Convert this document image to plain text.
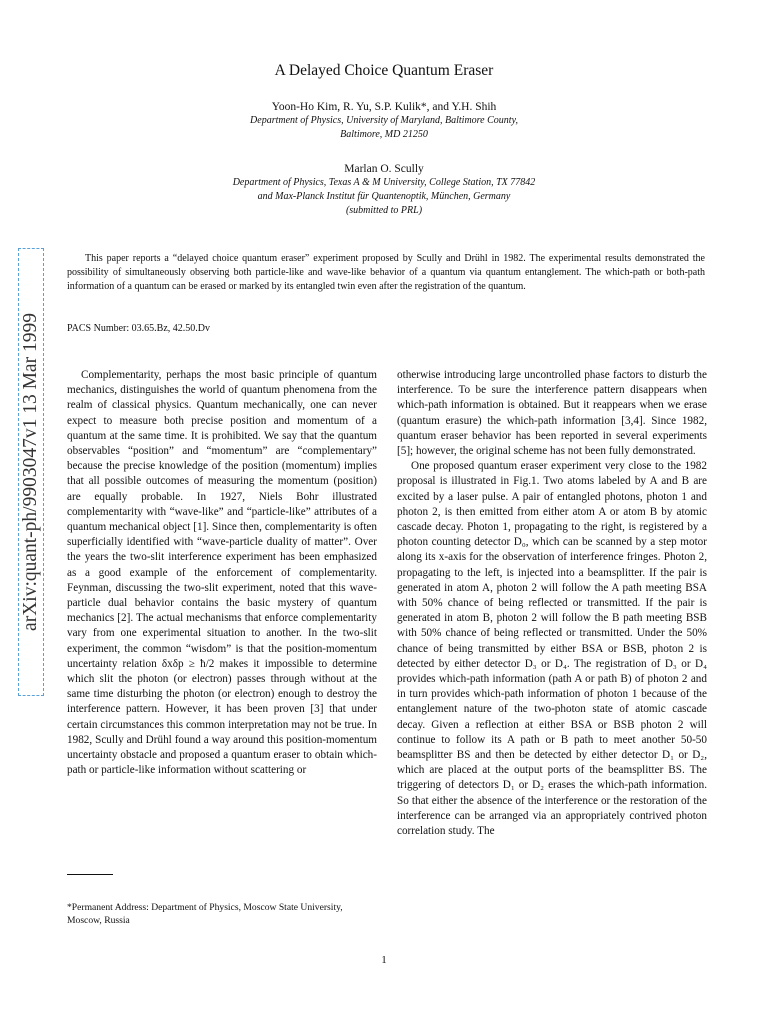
arXiv:quant-ph/9903047v1 13 Mar 1999
A Delayed Choice Quantum Eraser
Yoon-Ho Kim, R. Yu, S.P. Kulik*, and Y.H. Shih
Department of Physics, University of Maryland, Baltimore County,
Baltimore, MD 21250
Marlan O. Scully
Department of Physics, Texas A & M University, College Station, TX 77842
and Max-Planck Institut für Quantenoptik, München, Germany
(submitted to PRL)

This paper reports a “delayed choice quantum eraser” experiment proposed by Scully and Drühl in 1982. The experimental results demonstrated the possibility of simultaneously observing both particle-like and wave-like behavior of a quantum via quantum entanglement. The which-path or both-path information of a quantum can be erased or marked by its entangled twin even after the registration of the quantum.

PACS Number: 03.65.Bz, 42.50.Dv

Complementarity, perhaps the most basic principle of quantum mechanics, distinguishes the world of quantum phenomena from the realm of classical physics. Quantum mechanically, one can never expect to measure both precise position and momentum of a quantum at the same time. It is prohibited. We say that the quantum observables “position” and “momentum” are “complementary” because the precise knowledge of the position (momentum) implies that all possible outcomes of measuring the momentum (position) are equally probable. In 1927, Niels Bohr illustrated complementarity with “wave-like” and “particle-like” attributes of a quantum mechanical object [1]. Since then, complementarity is often superficially identified with “wave-particle duality of matter”. Over the years the two-slit interference experiment has been emphasized as a good example of the enforcement of complementarity. Feynman, discussing the two-slit experiment, noted that this wave-particle dual behavior contains the basic mystery of quantum mechanics [2]. The actual mechanisms that enforce complementarity vary from one experimental situation to another. In the two-slit experiment, the common “wisdom” is that the position-momentum uncertainty relation δxδp ≥ ħ/2 makes it impossible to determine which slit the photon (or electron) passes through without at the same time disturbing the photon (or electron) enough to destroy the interference pattern. However, it has been proven [3] that under certain circumstances this common interpretation may not be true. In 1982, Scully and Drühl found a way around this position-momentum uncertainty obstacle and proposed a quantum eraser to obtain which-path or particle-like information without scattering or

otherwise introducing large uncontrolled phase factors to disturb the interference. To be sure the interference pattern disappears when which-path information is obtained. But it reappears when we erase (quantum erasure) the which-path information [3,4]. Since 1982, quantum eraser behavior has been reported in several experiments [5]; however, the original scheme has not been fully demonstrated.

One proposed quantum eraser experiment very close to the 1982 proposal is illustrated in Fig.1. Two atoms labeled by A and B are excited by a laser pulse. A pair of entangled photons, photon 1 and photon 2, is then emitted from either atom A or atom B by atomic cascade decay. Photon 1, propagating to the right, is registered by a photon counting detector D₀, which can be scanned by a step motor along its x-axis for the observation of interference fringes. Photon 2, propagating to the left, is injected into a beamsplitter. If the pair is generated in atom A, photon 2 will follow the A path meeting BSA with 50% chance of being reflected or transmitted. If the pair is generated in atom B, photon 2 will follow the B path meeting BSB with 50% chance of being reflected or transmitted. Under the 50% chance of being transmitted by either BSA or BSB, photon 2 is detected by either detector D₃ or D₄. The registration of D₃ or D₄ provides which-path information (path A or path B) of photon 2 and in turn provides which-path information of photon 1 because of the entanglement nature of the two-photon state of atomic cascade decay. Given a reflection at either BSA or BSB photon 2 will continue to follow its A path or B path to meet another 50-50 beamsplitter BS and then be detected by either detector D₁ or D₂, which are placed at the output ports of the beamsplitter BS. The triggering of detectors D₁ or D₂ erases the which-path information. So that either the absence of the interference or the restoration of the interference can be arranged via an appropriately contrived photon correlation study. The

*Permanent Address: Department of Physics, Moscow State University, Moscow, Russia
1
